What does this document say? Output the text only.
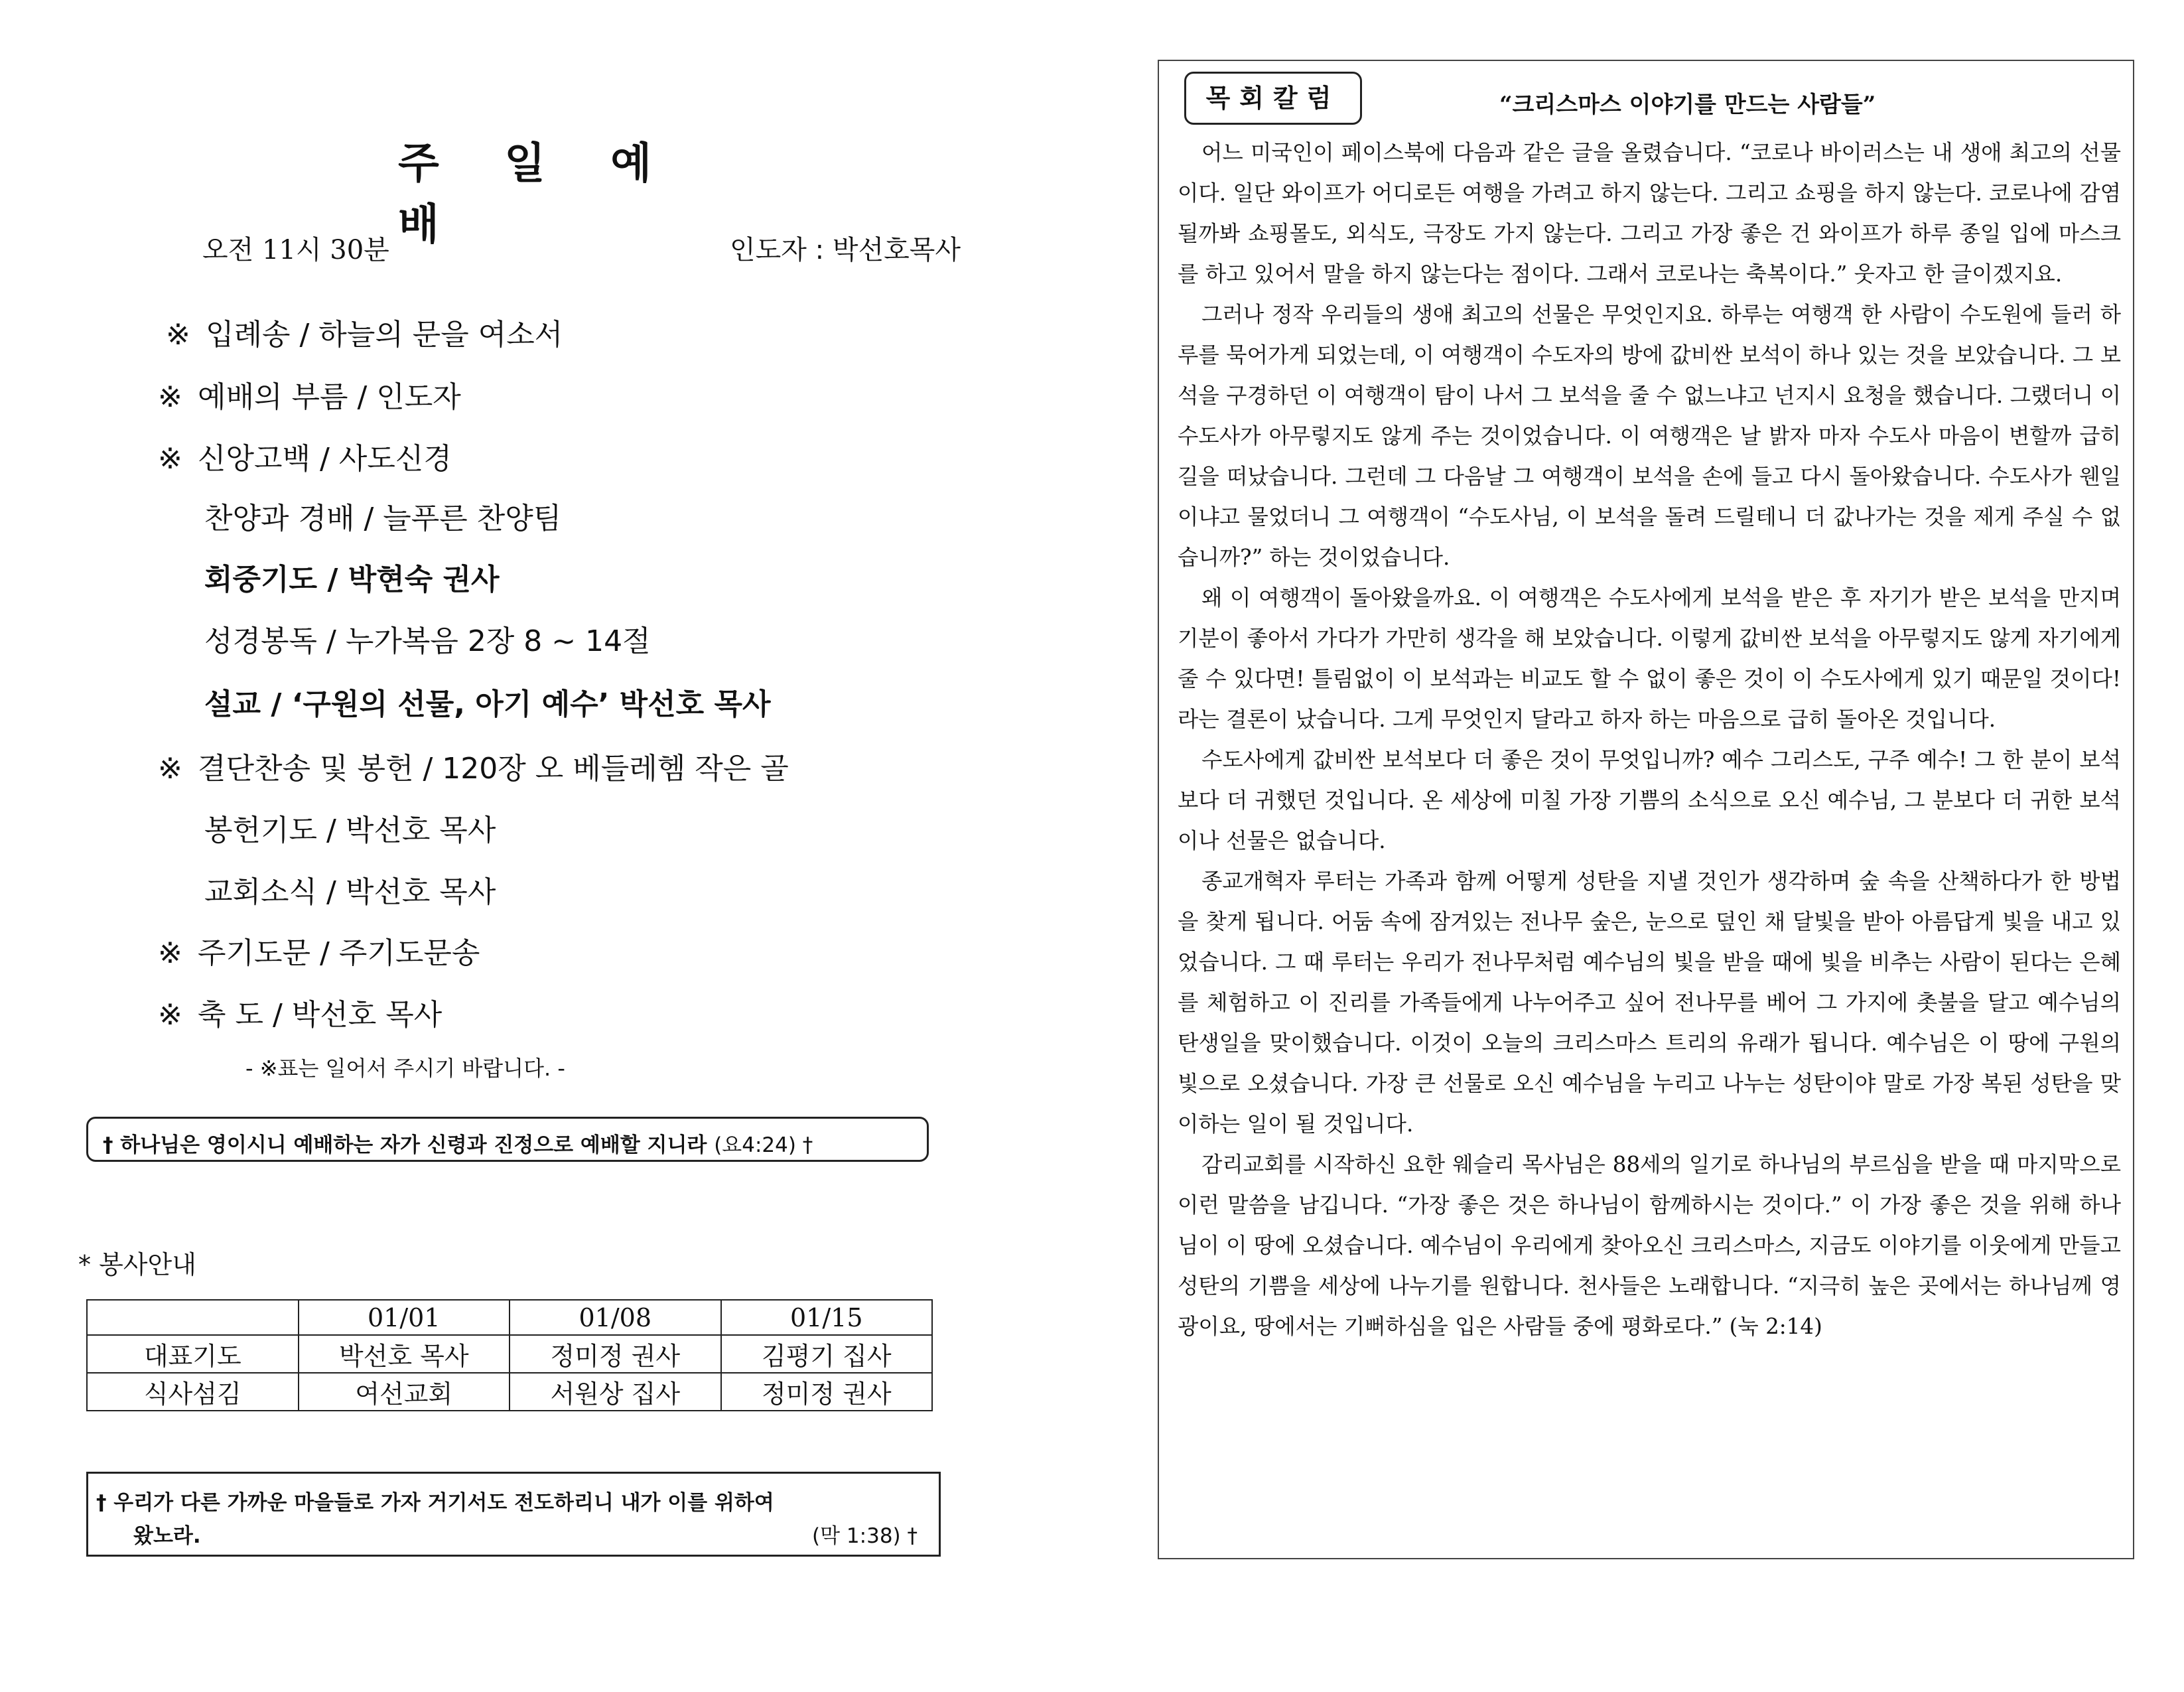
주 일 예 배
오전 11시 30분	인도자 : 박선호목사
※ 입례송 / 하늘의 문을 여소서
※ 예배의 부름 / 인도자
※ 신앙고백 / 사도신경
찬양과 경배 / 늘푸른 찬양팀
회중기도 / 박현숙 권사
성경봉독 / 누가복음 2장 8 ~ 14절
설교 / ‘구원의 선물, 아기 예수’ 박선호 목사
※ 결단찬송 및 봉헌 / 120장 오 베들레헴 작은 골
봉헌기도 / 박선호 목사
교회소식 / 박선호 목사
※ 주기도문 / 주기도문송
※ 축 도 / 박선호 목사
- ※표는 일어서 주시기 바랍니다. -
† 하나님은 영이시니 예배하는 자가 신령과 진정으로 예배할 지니라 (요4:24) †
* 봉사안내
	01/01	01/08	01/15
대표기도	박선호 목사	정미정 권사	김평기 집사
식사섬김	여선교회	서원상 집사	정미정 권사
† 우리가 다른 가까운 마을들로 가자 거기서도 전도하리니 내가 이를 위하여
왔노라.	(막 1:38) †
목회칼럼	“크리스마스 이야기를 만드는 사람들”

어느 미국인이 페이스북에 다음과 같은 글을 올렸습니다. “코로나 바이러스는 내 생애 최고의 선물이다. 일단 와이프가 어디로든 여행을 가려고 하지 않는다. 그리고 쇼핑을 하지 않는다. 코로나에 감염될까봐 쇼핑몰도, 외식도, 극장도 가지 않는다. 그리고 가장 좋은 건 와이프가 하루 종일 입에 마스크를 하고 있어서 말을 하지 않는다는 점이다. 그래서 코로나는 축복이다.” 웃자고 한 글이겠지요.

그러나 정작 우리들의 생애 최고의 선물은 무엇인지요. 하루는 여행객 한 사람이 수도원에 들러 하루를 묵어가게 되었는데, 이 여행객이 수도자의 방에 값비싼 보석이 하나 있는 것을 보았습니다. 그 보석을 구경하던 이 여행객이 탐이 나서 그 보석을 줄 수 없느냐고 넌지시 요청을 했습니다. 그랬더니 이 수도사가 아무렇지도 않게 주는 것이었습니다. 이 여행객은 날 밝자 마자 수도사 마음이 변할까 급히 길을 떠났습니다. 그런데 그 다음날 그 여행객이 보석을 손에 들고 다시 돌아왔습니다. 수도사가 웬일이냐고 물었더니 그 여행객이 “수도사님, 이 보석을 돌려 드릴테니 더 값나가는 것을 제게 주실 수 없습니까?” 하는 것이었습니다.

왜 이 여행객이 돌아왔을까요. 이 여행객은 수도사에게 보석을 받은 후 자기가 받은 보석을 만지며 기분이 좋아서 가다가 가만히 생각을 해 보았습니다. 이렇게 값비싼 보석을 아무렇지도 않게 자기에게 줄 수 있다면! 틀림없이 이 보석과는 비교도 할 수 없이 좋은 것이 이 수도사에게 있기 때문일 것이다! 라는 결론이 났습니다. 그게 무엇인지 달라고 하자 하는 마음으로 급히 돌아온 것입니다.

수도사에게 값비싼 보석보다 더 좋은 것이 무엇입니까? 예수 그리스도, 구주 예수! 그 한 분이 보석보다 더 귀했던 것입니다. 온 세상에 미칠 가장 기쁨의 소식으로 오신 예수님, 그 분보다 더 귀한 보석이나 선물은 없습니다.

종교개혁자 루터는 가족과 함께 어떻게 성탄을 지낼 것인가 생각하며 숲 속을 산책하다가 한 방법을 찾게 됩니다. 어둠 속에 잠겨있는 전나무 숲은, 눈으로 덮인 채 달빛을 받아 아름답게 빛을 내고 있었습니다. 그 때 루터는 우리가 전나무처럼 예수님의 빛을 받을 때에 빛을 비추는 사람이 된다는 은혜를 체험하고 이 진리를 가족들에게 나누어주고 싶어 전나무를 베어 그 가지에 촛불을 달고 예수님의 탄생일을 맞이했습니다. 이것이 오늘의 크리스마스 트리의 유래가 됩니다. 예수님은 이 땅에 구원의 빛으로 오셨습니다. 가장 큰 선물로 오신 예수님을 누리고 나누는 성탄이야 말로 가장 복된 성탄을 맞이하는 일이 될 것입니다.

감리교회를 시작하신 요한 웨슬리 목사님은 88세의 일기로 하나님의 부르심을 받을 때 마지막으로 이런 말씀을 남깁니다. “가장 좋은 것은 하나님이 함께하시는 것이다.” 이 가장 좋은 것을 위해 하나님이 이 땅에 오셨습니다. 예수님이 우리에게 찾아오신 크리스마스, 지금도 이야기를 이웃에게 만들고 성탄의 기쁨을 세상에 나누기를 원합니다. 천사들은 노래합니다. “지극히 높은 곳에서는 하나님께 영광이요, 땅에서는 기뻐하심을 입은 사람들 중에 평화로다.” (눅 2:14)
